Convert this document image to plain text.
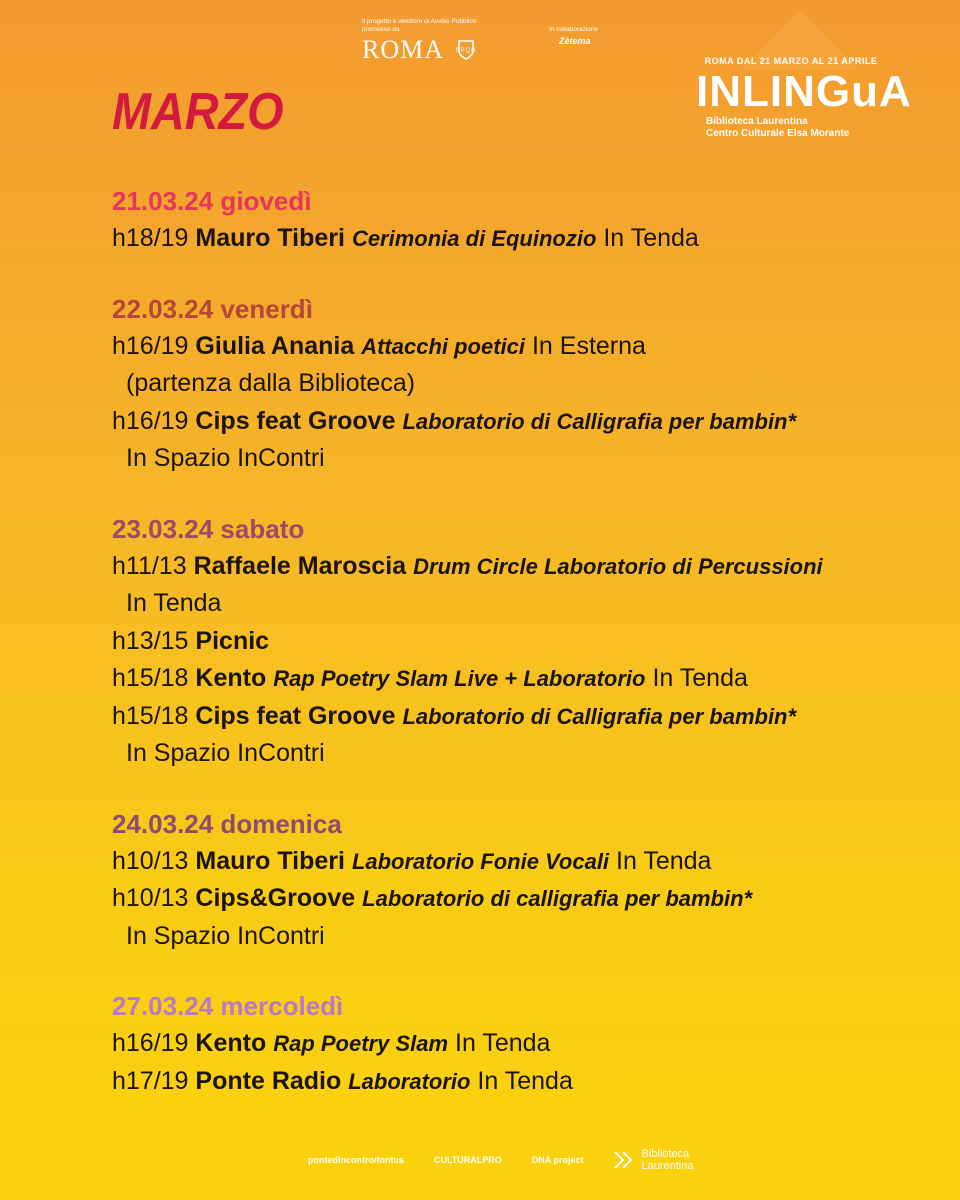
Il progetto è vincitore di Avviso Pubblico promosso da
ROMA SPQR
In collaborazione
Zètema
ROMA DAL 21 MARZO AL 21 APRILE
INLINGuA
Biblioteca Laurentina
Centro Culturale Elsa Morante
MARZO
21.03.24 giovedì
h18/19 Mauro Tiberi Cerimonia di Equinozio In Tenda
22.03.24 venerdì
h16/19 Giulia Anania Attacchi poetici In Esterna
(partenza dalla Biblioteca)
h16/19 Cips feat Groove Laboratorio di Calligrafia per bambin*
In Spazio InContri
23.03.24 sabato
h11/13 Raffaele Maroscia Drum Circle Laboratorio di Percussioni
In Tenda
h13/15 Picnic
h15/18 Kento Rap Poetry Slam Live + Laboratorio In Tenda
h15/18 Cips feat Groove Laboratorio di Calligrafia per bambin*
In Spazio InContri
24.03.24 domenica
h10/13 Mauro Tiberi Laboratorio Fonie Vocali In Tenda
h10/13 Cips&Groove Laboratorio di calligrafia per bambin*
In Spazio InContri
27.03.24 mercoledì
h16/19 Kento Rap Poetry Slam In Tenda
h17/19 Ponte Radio Laboratorio In Tenda
pontedincontro/fontus	CULTURALPRO	DNA project	Biblioteca Laurentina
